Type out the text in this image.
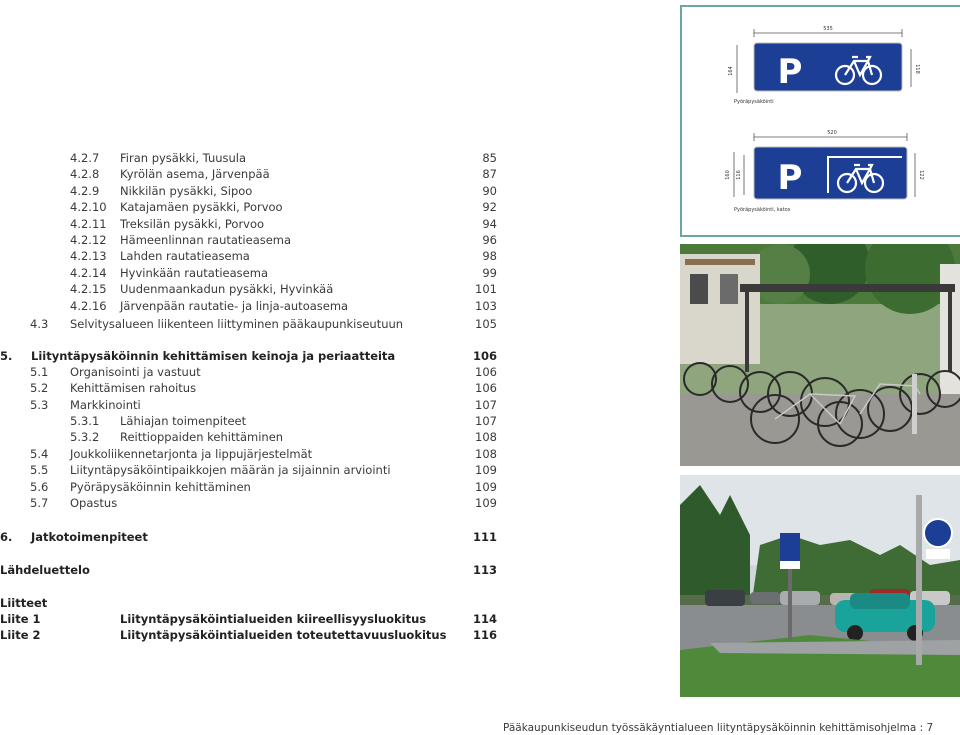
4.2.7 Firan pysäkki, Tuusula	85
4.2.8 Kyrölän asema, Järvenpää	87
4.2.9 Nikkilän pysäkki, Sipoo	90
4.2.10 Katajamäen pysäkki, Porvoo	92
4.2.11 Treksilän pysäkki, Porvoo	94
4.2.12 Hämeenlinnan rautatieasema	96
4.2.13 Lahden rautatieasema	98
4.2.14 Hyvinkään rautatieasema	99
4.2.15 Uudenmaankadun pysäkki, Hyvinkää	101
4.2.16 Järvenpään rautatie- ja linja-autoasema	103
4.3 Selvitysalueen liikenteen liittyminen pääkaupunkiseutuun	105
5. Liityntäpysäköinnin kehittämisen keinoja ja periaatteita	106
5.1 Organisointi ja vastuut	106
5.2 Kehittämisen rahoitus	106
5.3 Markkinointi	107
5.3.1 Lähiajan toimenpiteet	107
5.3.2 Reittioppaiden kehittäminen	108
5.4 Joukkoliikennetarjonta ja lippujärjestelmät	108
5.5 Liityntäpysäköintipaikkojen määrän ja sijainnin arviointi	109
5.6 Pyöräpysäköinnin kehittäminen	109
5.7 Opastus	109
6. Jatkotoimenpiteet	111
Lähdeluettelo	113
Liitteet
Liite 1	Liityntäpysäköintialueiden kiireellisyysluokitus	114
Liite 2	Liityntäpysäköintialueiden toteutettavuusluokitus	116
535
164	118
P
Pyöräpysäköinti
520
160 116	122
P
Pyöräpysäköinti, katos
Pääkaupunkiseudun työssäkäyntialueen liityntäpysäköinnin kehittämisohjelma : 7
